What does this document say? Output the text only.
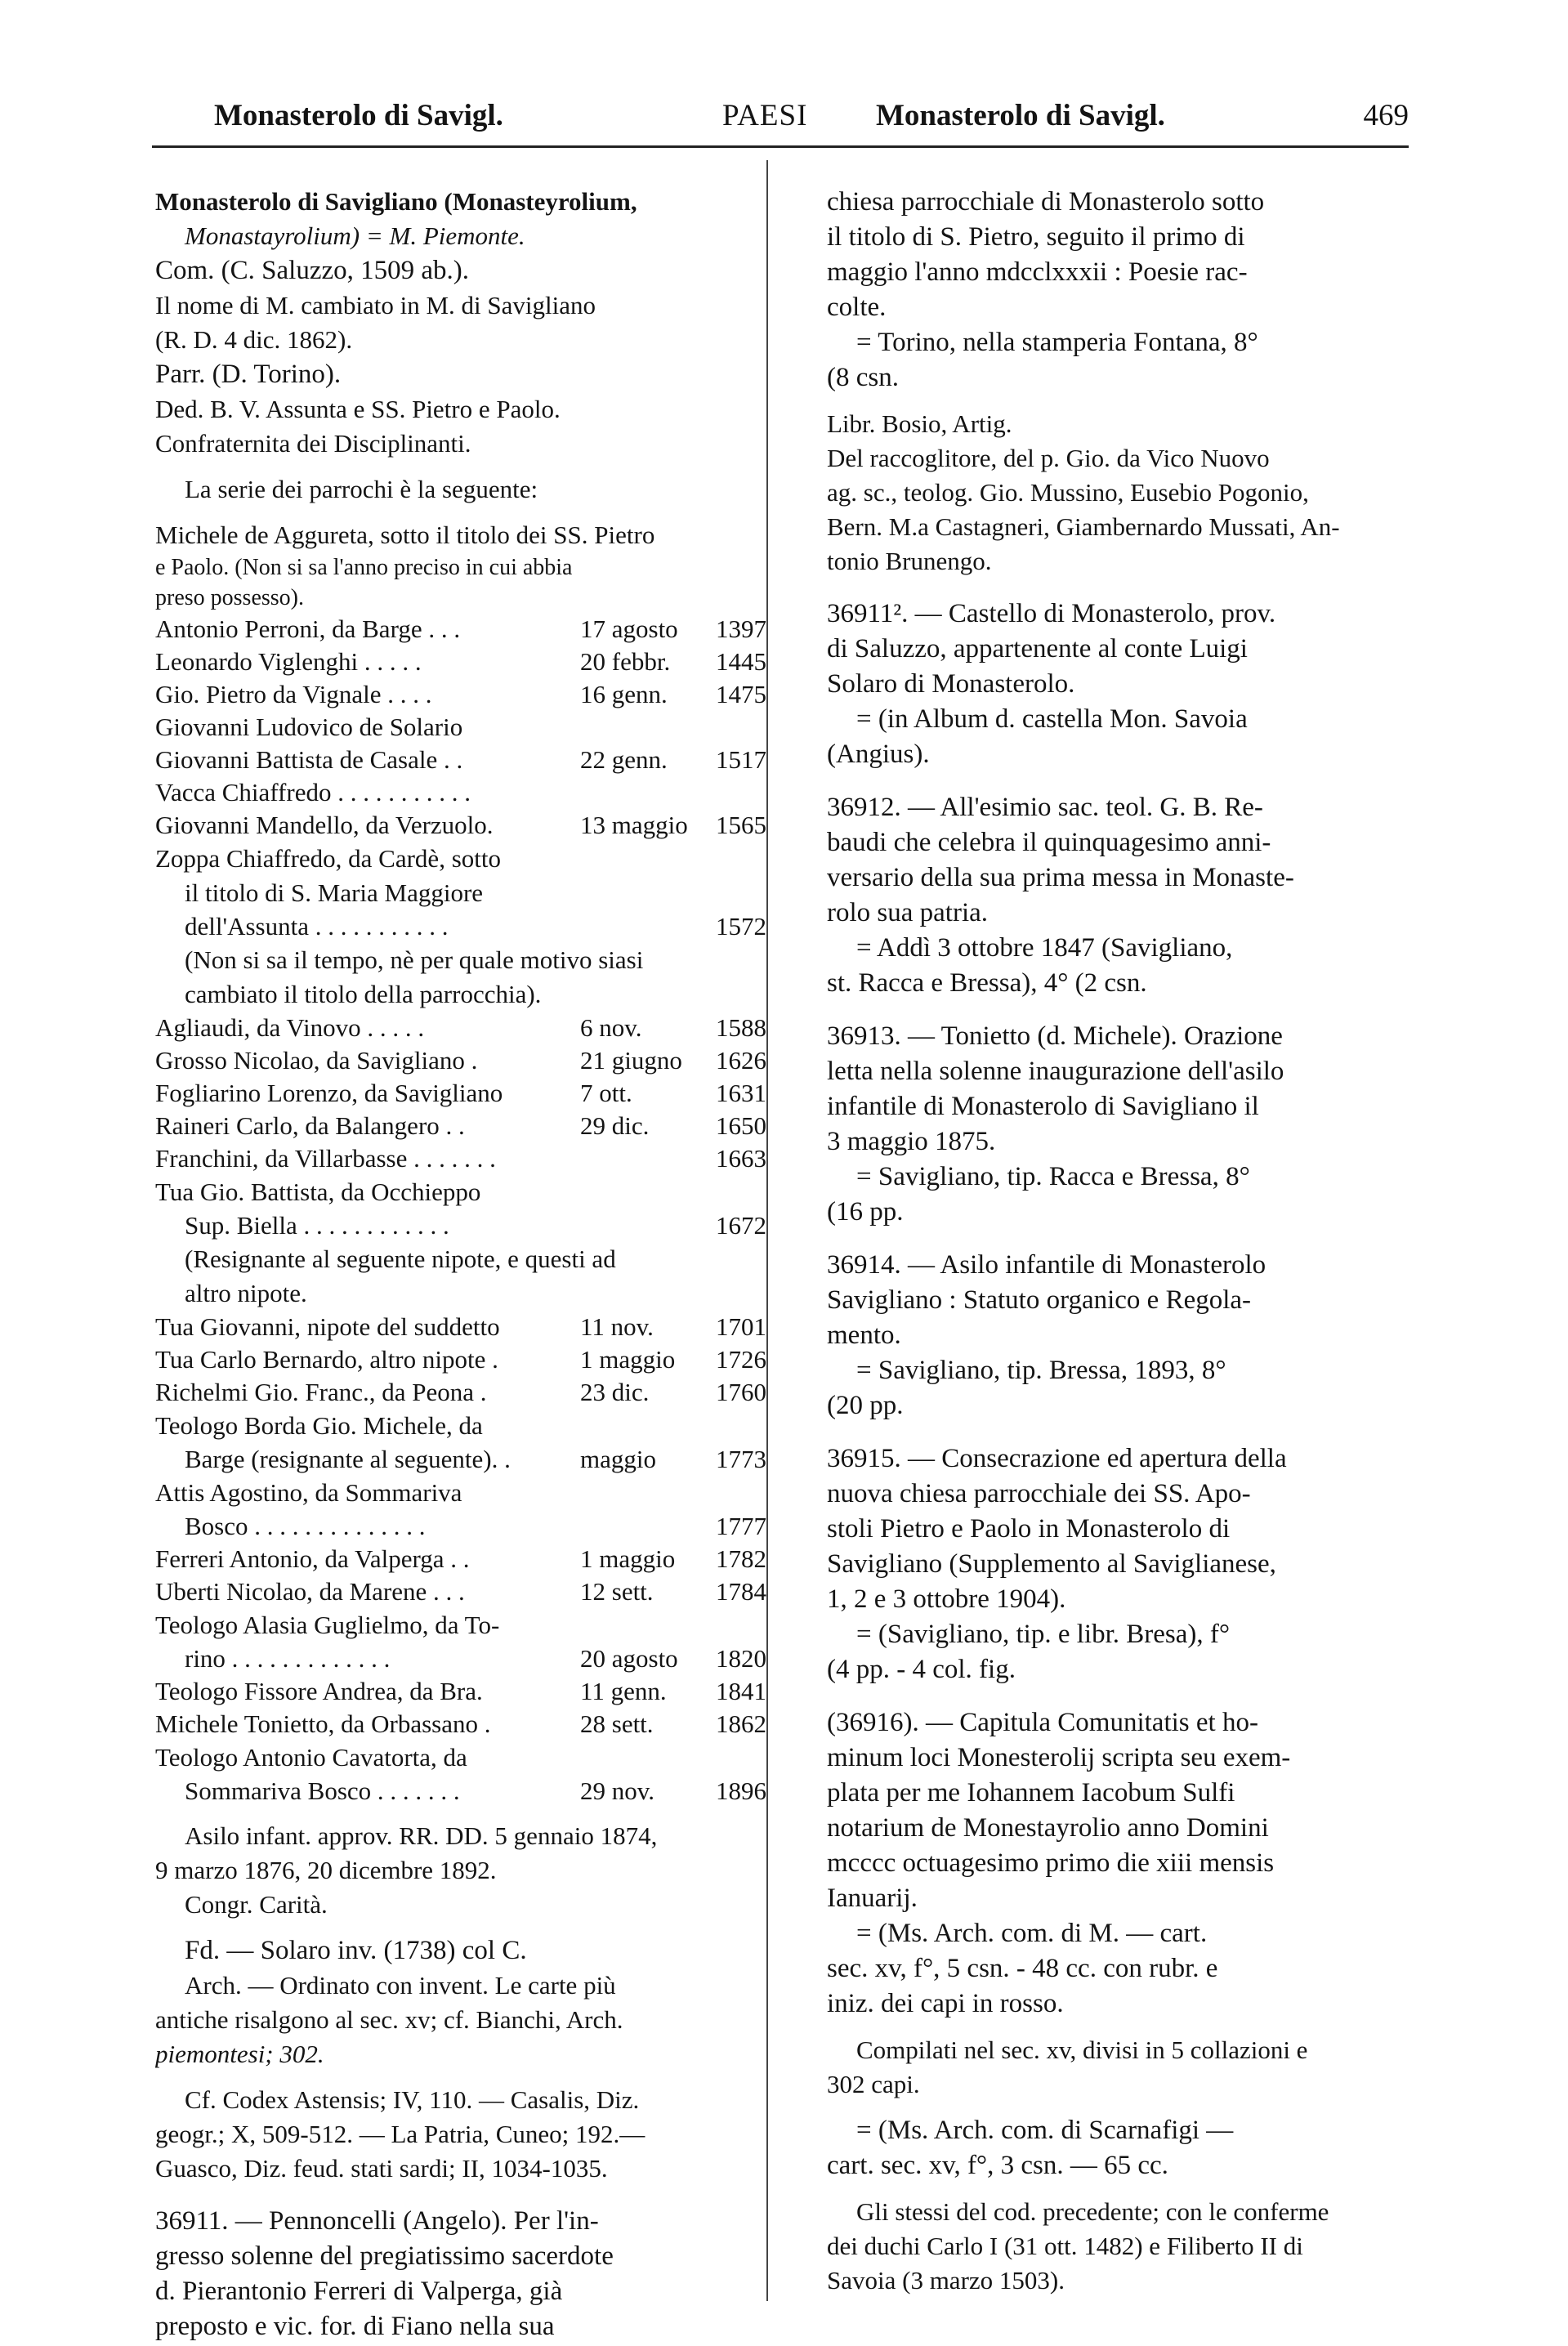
Monasterolo di Savigl.	PAESI Monasterolo di Savigl.	469
Monasterolo di Savigliano (Monasteyrolium,
Monastayrolium) = M. Piemonte.
Com. (C. Saluzzo, 1509 ab.).
Il nome di M. cambiato in M. di Savigliano
(R. D. 4 dic. 1862).
Parr. (D. Torino).
Ded. B. V. Assunta e SS. Pietro e Paolo.
Confraternita dei Disciplinanti.
La serie dei parrochi è la seguente:
Michele de Aggureta, sotto il titolo dei SS. Pietro
e Paolo. (Non si sa l'anno preciso in cui abbia
preso possesso).
Antonio Perroni, da Barge . . .	17 agosto 1397
Leonardo Viglenghi . . . . .	20 febbr. 1445
Gio. Pietro da Vignale . . . .	16 genn. 1475
Giovanni Ludovico de Solario
Giovanni Battista de Casale . .	22 genn. 1517
Vacca Chiaffredo . . . . . . . . . . .
Giovanni Mandello, da Verzuolo.	13 maggio 1565
Zoppa Chiaffredo, da Cardè, sotto
il titolo di S. Maria Maggiore
dell'Assunta . . . . . . . . . . .	1572
(Non si sa il tempo, nè per quale motivo siasi
cambiato il titolo della parrocchia).
Agliaudi, da Vinovo . . . . .	6 nov.	1588
Grosso Nicolao, da Savigliano .	21 giugno 1626
Fogliarino Lorenzo, da Savigliano	7 ott.	1631
Raineri Carlo, da Balangero . .	29 dic.	1650
Franchini, da Villarbasse . . . . . . .	1663
Tua Gio. Battista, da Occhieppo
Sup. Biella . . . . . . . . . . . .	1672
(Resignante al seguente nipote, e questi ad
altro nipote.
Tua Giovanni, nipote del suddetto	11 nov. 1701
Tua Carlo Bernardo, altro nipote .	1 maggio 1726
Richelmi Gio. Franc., da Peona .	23 dic.	1760
Teologo Borda Gio. Michele, da
Barge (resignante al seguente). .	maggio 1773
Attis Agostino, da Sommariva
Bosco . . . . . . . . . . . . . .	1777
Ferreri Antonio, da Valperga . .	1 maggio 1782
Uberti Nicolao, da Marene . . .	12 sett. 1784
Teologo Alasia Guglielmo, da To-
rino . . . . . . . . . . . . .	20 agosto 1820
Teologo Fissore Andrea, da Bra.	11 genn. 1841
Michele Tonietto, da Orbassano .	28 sett. 1862
Teologo Antonio Cavatorta, da
Sommariva Bosco . . . . . . .	29 nov. 1896
Asilo infant. approv. RR. DD. 5 gennaio 1874,
9 marzo 1876, 20 dicembre 1892.
Congr. Carità.
Fd. — Solaro inv. (1738) col C.
Arch. — Ordinato con invent. Le carte più
antiche risalgono al sec. xv; cf. Bianchi, Arch.
piemontesi; 302.
Cf. Codex Astensis; IV, 110. — Casalis, Diz.
geogr.; X, 509-512. — La Patria, Cuneo; 192.—
Guasco, Diz. feud. stati sardi; II, 1034-1035.
36911. — Pennoncelli (Angelo). Per l'in-
gresso solenne del pregiatissimo sacerdote
d. Pierantonio Ferreri di Valperga, già
preposto e vic. for. di Fiano nella sua
chiesa parrocchiale di Monasterolo sotto
il titolo di S. Pietro, seguito il primo di
maggio l'anno mdcclxxxii : Poesie rac-
colte.
= Torino, nella stamperia Fontana, 8°
(8 csn.
Libr. Bosio, Artig.
Del raccoglitore, del p. Gio. da Vico Nuovo
ag. sc., teolog. Gio. Mussino, Eusebio Pogonio,
Bern. M.a Castagneri, Giambernardo Mussati, An-
tonio Brunengo.
36911². — Castello di Monasterolo, prov.
di Saluzzo, appartenente al conte Luigi
Solaro di Monasterolo.
= (in Album d. castella Mon. Savoia
(Angius).
36912. — All'esimio sac. teol. G. B. Re-
baudi che celebra il quinquagesimo anni-
versario della sua prima messa in Monaste-
rolo sua patria.
= Addì 3 ottobre 1847 (Savigliano,
st. Racca e Bressa), 4° (2 csn.
36913. — Tonietto (d. Michele). Orazione
letta nella solenne inaugurazione dell'asilo
infantile di Monasterolo di Savigliano il
3 maggio 1875.
= Savigliano, tip. Racca e Bressa, 8°
(16 pp.
36914. — Asilo infantile di Monasterolo
Savigliano : Statuto organico e Regola-
mento.
= Savigliano, tip. Bressa, 1893, 8°
(20 pp.
36915. — Consecrazione ed apertura della
nuova chiesa parrocchiale dei SS. Apo-
stoli Pietro e Paolo in Monasterolo di
Savigliano (Supplemento al Saviglianese,
1, 2 e 3 ottobre 1904).
= (Savigliano, tip. e libr. Bresa), f°
(4 pp. - 4 col. fig.
(36916). — Capitula Comunitatis et ho-
minum loci Monesterolij scripta seu exem-
plata per me Iohannem Iacobum Sulfi
notarium de Monestayrolio anno Domini
mcccc octuagesimo primo die xiii mensis
Ianuarij.
= (Ms. Arch. com. di M. — cart.
sec. xv, f°, 5 csn. - 48 cc. con rubr. e
iniz. dei capi in rosso.
Compilati nel sec. xv, divisi in 5 collazioni e
302 capi.
= (Ms. Arch. com. di Scarnafigi —
cart. sec. xv, f°, 3 csn. — 65 cc.
Gli stessi del cod. precedente; con le conferme
dei duchi Carlo I (31 ott. 1482) e Filiberto II di
Savoia (3 marzo 1503).
